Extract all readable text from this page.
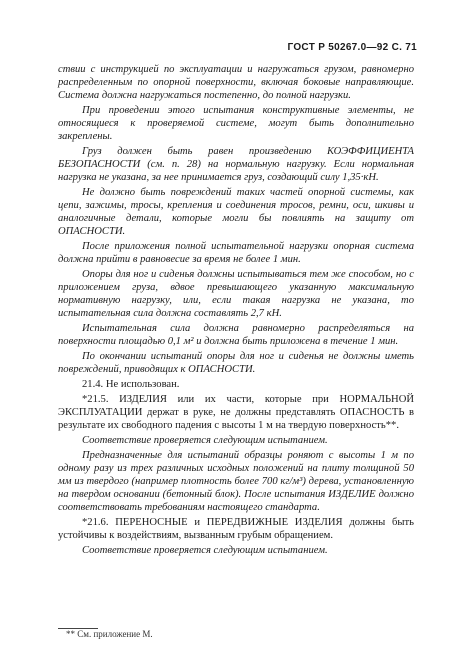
ГОСТ Р 50267.0—92 С. 71

ствии с инструкцией по эксплуатации и нагружаться грузом, равномерно распределенным по опорной поверхности, включая боковые направляющие. Система должна нагружаться постепенно, до полной нагрузки.

При проведении этого испытания конструктивные элементы, не относящиеся к проверяемой системе, могут быть дополнительно закреплены.

Груз должен быть равен произведению КОЭФФИЦИЕНТА БЕЗОПАСНОСТИ (см. п. 28) на нормальную нагрузку. Если нормальная нагрузка не указана, за нее принимается груз, создающий силу 1,35·кН.

Не должно быть повреждений таких частей опорной системы, как цепи, зажимы, тросы, крепления и соединения тросов, ремни, оси, шкивы и аналогичные детали, которые могли бы повлиять на защиту от ОПАСНОСТИ.

После приложения полной испытательной нагрузки опорная система должна прийти в равновесие за время не более 1 мин.

Опоры для ног и сиденья должны испытываться тем же способом, но с приложением груза, вдвое превышающего указанную максимальную нормативную нагрузку, или, если такая нагрузка не указана, то испытательная сила должна составлять 2,7 кН.

Испытательная сила должна равномерно распределяться на поверхности площадью 0,1 м² и должна быть приложена в течение 1 мин.

По окончании испытаний опоры для ног и сиденья не должны иметь повреждений, приводящих к ОПАСНОСТИ.

21.4. Не использован.

*21.5. ИЗДЕЛИЯ или их части, которые при НОРМАЛЬНОЙ ЭКСПЛУАТАЦИИ держат в руке, не должны представлять ОПАСНОСТЬ в результате их свободного падения с высоты 1 м на твердую поверхность**.

Соответствие проверяется следующим испытанием.

Предназначенные для испытаний образцы роняют с высоты 1 м по одному разу из трех различных исходных положений на плиту толщиной 50 мм из твердого (например плотность более 700 кг/м³) дерева, установленную на твердом основании (бетонный блок). После испытания ИЗДЕЛИЕ должно соответствовать требованиям настоящего стандарта.

*21.6. ПЕРЕНОСНЫЕ и ПЕРЕДВИЖНЫЕ ИЗДЕЛИЯ должны быть устойчивы к воздействиям, вызванным грубым обращением.

Соответствие проверяется следующим испытанием.

** См. приложение М.
